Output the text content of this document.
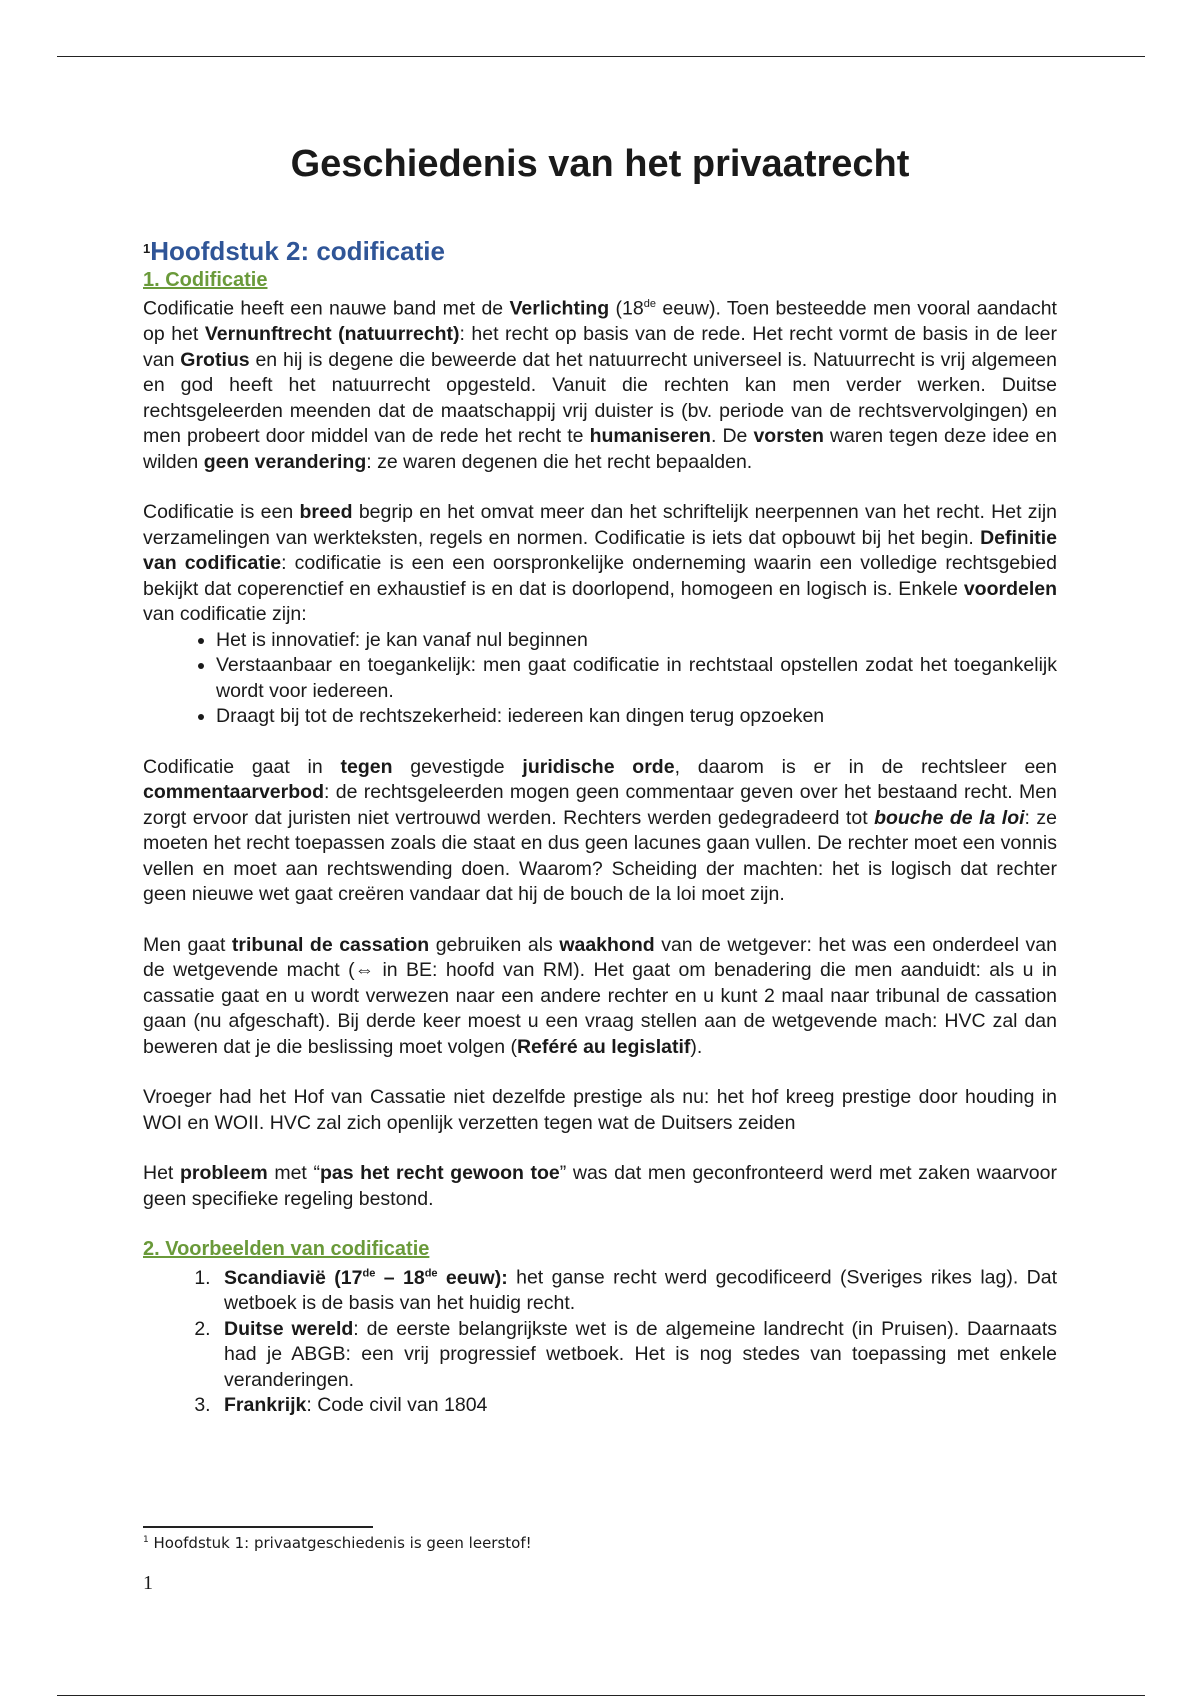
Geschiedenis van het privaatrecht
$^1$Hoofdstuk 2: codificatie
1. Codificatie

Codificatie heeft een nauwe band met de Verlichting (18de eeuw). Toen besteedde men vooral aandacht op het Vernunftrecht (natuurrecht): het recht op basis van de rede. Het recht vormt de basis in de leer van Grotius en hij is degene die beweerde dat het natuurrecht universeel is. Natuurrecht is vrij algemeen en god heeft het natuurrecht opgesteld. Vanuit die rechten kan men verder werken. Duitse rechtsgeleerden meenden dat de maatschappij vrij duister is (bv. periode van de rechtsvervolgingen) en men probeert door middel van de rede het recht te humaniseren. De vorsten waren tegen deze idee en wilden geen verandering: ze waren degenen die het recht bepaalden.

Codificatie is een breed begrip en het omvat meer dan het schriftelijk neerpennen van het recht. Het zijn verzamelingen van werkteksten, regels en normen. Codificatie is iets dat opbouwt bij het begin. Definitie van codificatie: codificatie is een een oorspronkelijke onderneming waarin een volledige rechtsgebied bekijkt dat coperenctief en exhaustief is en dat is doorlopend, homogeen en logisch is. Enkele voordelen van codificatie zijn:

• Het is innovatief: je kan vanaf nul beginnen
• Verstaanbaar en toegankelijk: men gaat codificatie in rechtstaal opstellen zodat het toegankelijk wordt voor iedereen.
• Draagt bij tot de rechtszekerheid: iedereen kan dingen terug opzoeken

Codificatie gaat in tegen gevestigde juridische orde, daarom is er in de rechtsleer een commentaarverbod: de rechtsgeleerden mogen geen commentaar geven over het bestaand recht. Men zorgt ervoor dat juristen niet vertrouwd werden. Rechters werden gedegradeerd tot bouche de la loi: ze moeten het recht toepassen zoals die staat en dus geen lacunes gaan vullen. De rechter moet een vonnis vellen en moet aan rechtswending doen. Waarom? Scheiding der machten: het is logisch dat rechter geen nieuwe wet gaat creëren vandaar dat hij de bouch de la loi moet zijn.

Men gaat tribunal de cassation gebruiken als waakhond van de wetgever: het was een onderdeel van de wetgevende macht (⇔ in BE: hoofd van RM). Het gaat om benadering die men aanduidt: als u in cassatie gaat en u wordt verwezen naar een andere rechter en u kunt 2 maal naar tribunal de cassation gaan (nu afgeschaft). Bij derde keer moest u een vraag stellen aan de wetgevende mach: HVC zal dan beweren dat je die beslissing moet volgen (Reféré au legislatif).

Vroeger had het Hof van Cassatie niet dezelfde prestige als nu: het hof kreeg prestige door houding in WOI en WOII. HVC zal zich openlijk verzetten tegen wat de Duitsers zeiden

Het probleem met “pas het recht gewoon toe” was dat men geconfronteerd werd met zaken waarvoor geen specifieke regeling bestond.

2. Voorbeelden van codificatie
1. Scandiavië (17de – 18de eeuw): het ganse recht werd gecodificeerd (Sveriges rikes lag). Dat wetboek is de basis van het huidig recht.
2. Duitse wereld: de eerste belangrijkste wet is de algemeine landrecht (in Pruisen). Daarnaats had je ABGB: een vrij progressief wetboek. Het is nog stedes van toepassing met enkele veranderingen.
3. Frankrijk: Code civil van 1804
$^1$ Hoofdstuk 1: privaatgeschiedenis is geen leerstof!
1
